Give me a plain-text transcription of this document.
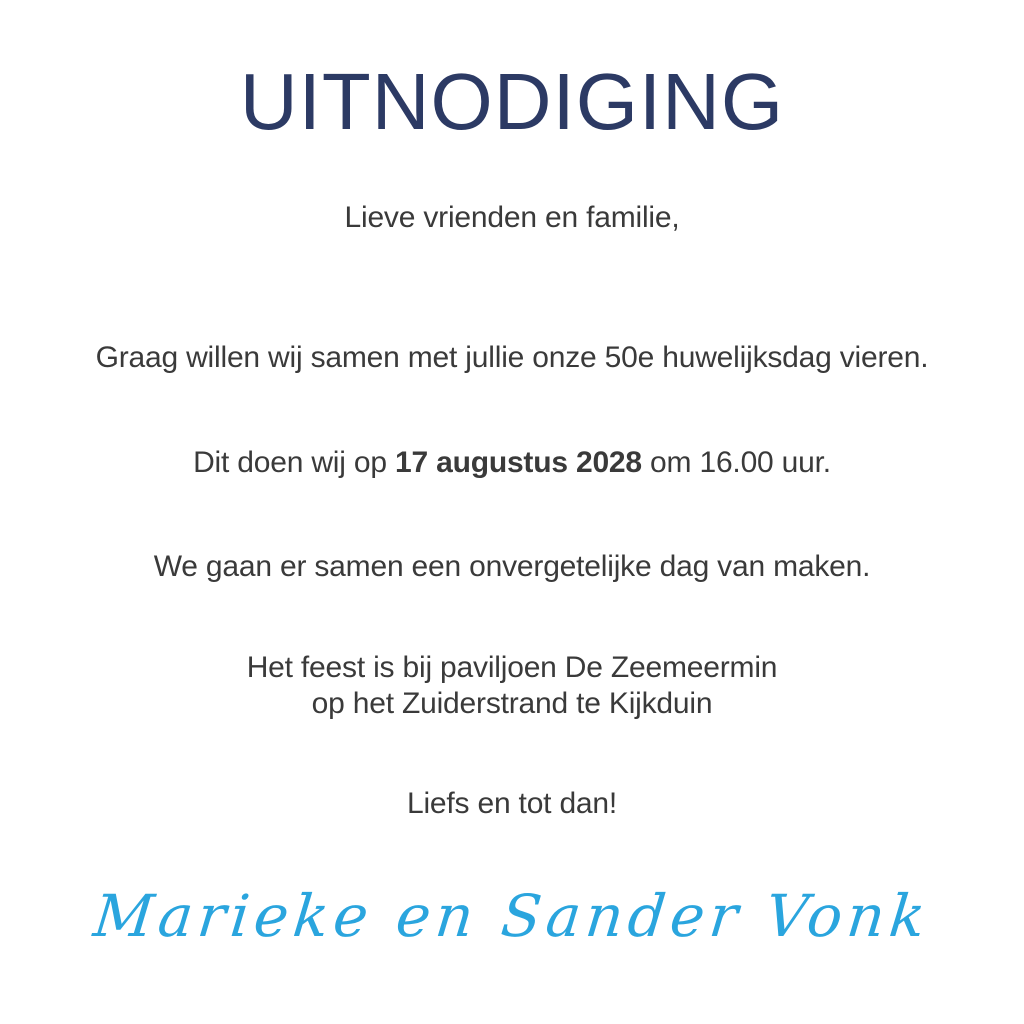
UITNODIGING

Lieve vrienden en familie,

Graag willen wij samen met jullie onze 50e huwelijksdag vieren.

Dit doen wij op 17 augustus 2028 om 16.00 uur.

We gaan er samen een onvergetelijke dag van maken.

Het feest is bij paviljoen De Zeemeermin
op het Zuiderstrand te Kijkduin

Liefs en tot dan!

Marieke en Sander Vonk
